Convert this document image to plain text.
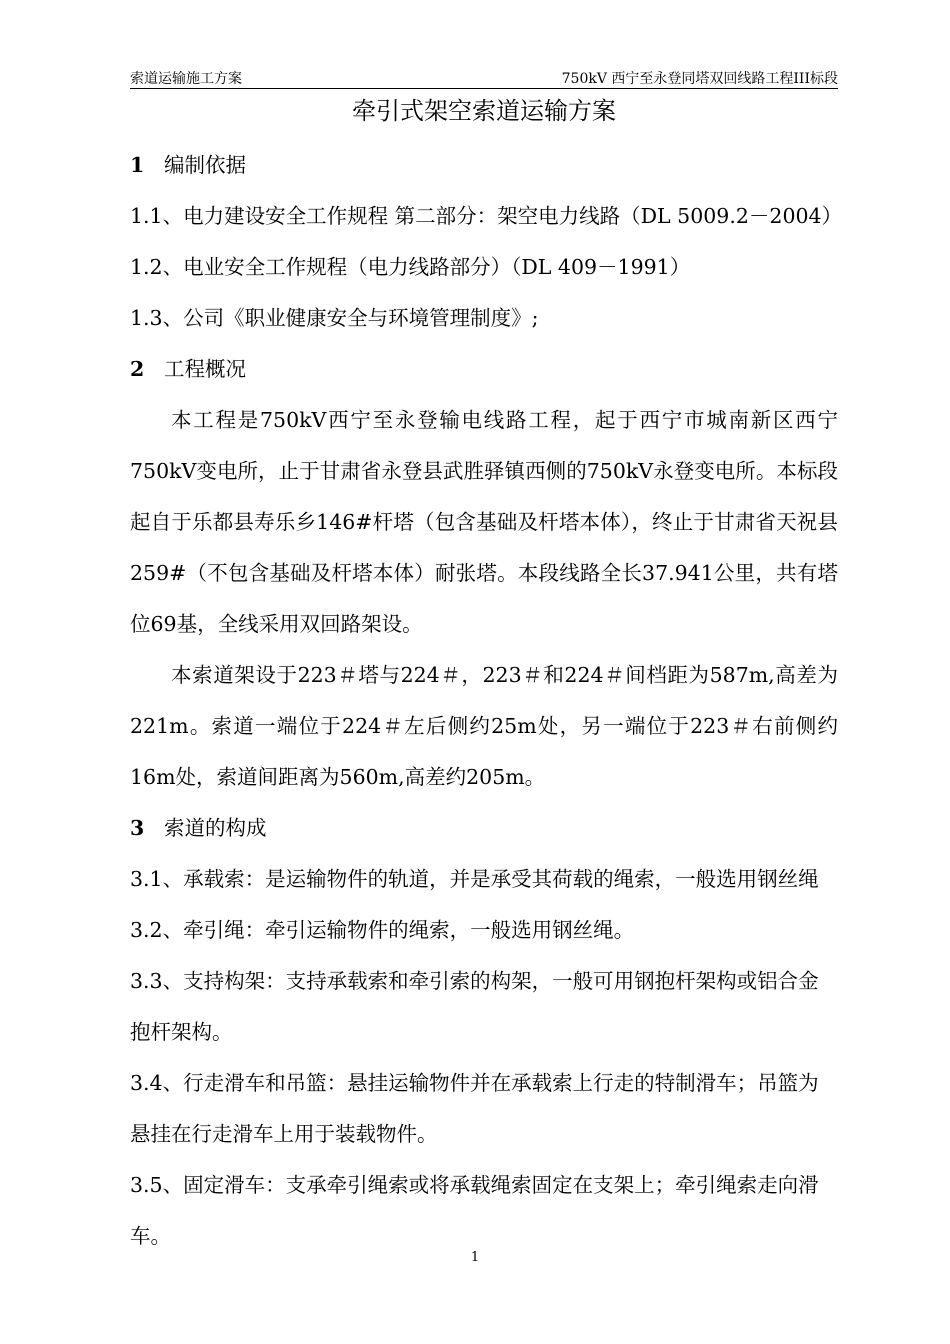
索道运输施工方案	750kV 西宁至永登同塔双回线路工程III标段
牵引式架空索道运输方案

1 编制依据

1.1、电力建设安全工作规程 第二部分：架空电力线路（DL 5009.2－2004）

1.2、电业安全工作规程（电力线路部分）（DL 409－1991）

1.3、公司《职业健康安全与环境管理制度》;

2 工程概况

本工程是750kV西宁至永登输电线路工程，起于西宁市城南新区西宁750kV变电所，止于甘肃省永登县武胜驿镇西侧的750kV永登变电所。本标段起自于乐都县寿乐乡146#杆塔（包含基础及杆塔本体），终止于甘肃省天祝县259#（不包含基础及杆塔本体）耐张塔。本段线路全长37.941公里，共有塔位69基，全线采用双回路架设。

本索道架设于223＃塔与224＃，223＃和224＃间档距为587m,高差为221m。索道一端位于224＃左后侧约25m处，另一端位于223＃右前侧约16m处，索道间距离为560m,高差约205m。

3 索道的构成

3.1、承载索：是运输物件的轨道，并是承受其荷载的绳索，一般选用钢丝绳

3.2、牵引绳：牵引运输物件的绳索，一般选用钢丝绳。

3.3、支持构架：支持承载索和牵引索的构架，一般可用钢抱杆架构或铝合金抱杆架构。

3.4、行走滑车和吊篮：悬挂运输物件并在承载索上行走的特制滑车；吊篮为悬挂在行走滑车上用于装载物件。

3.5、固定滑车：支承牵引绳索或将承载绳索固定在支架上；牵引绳索走向滑车。

1
